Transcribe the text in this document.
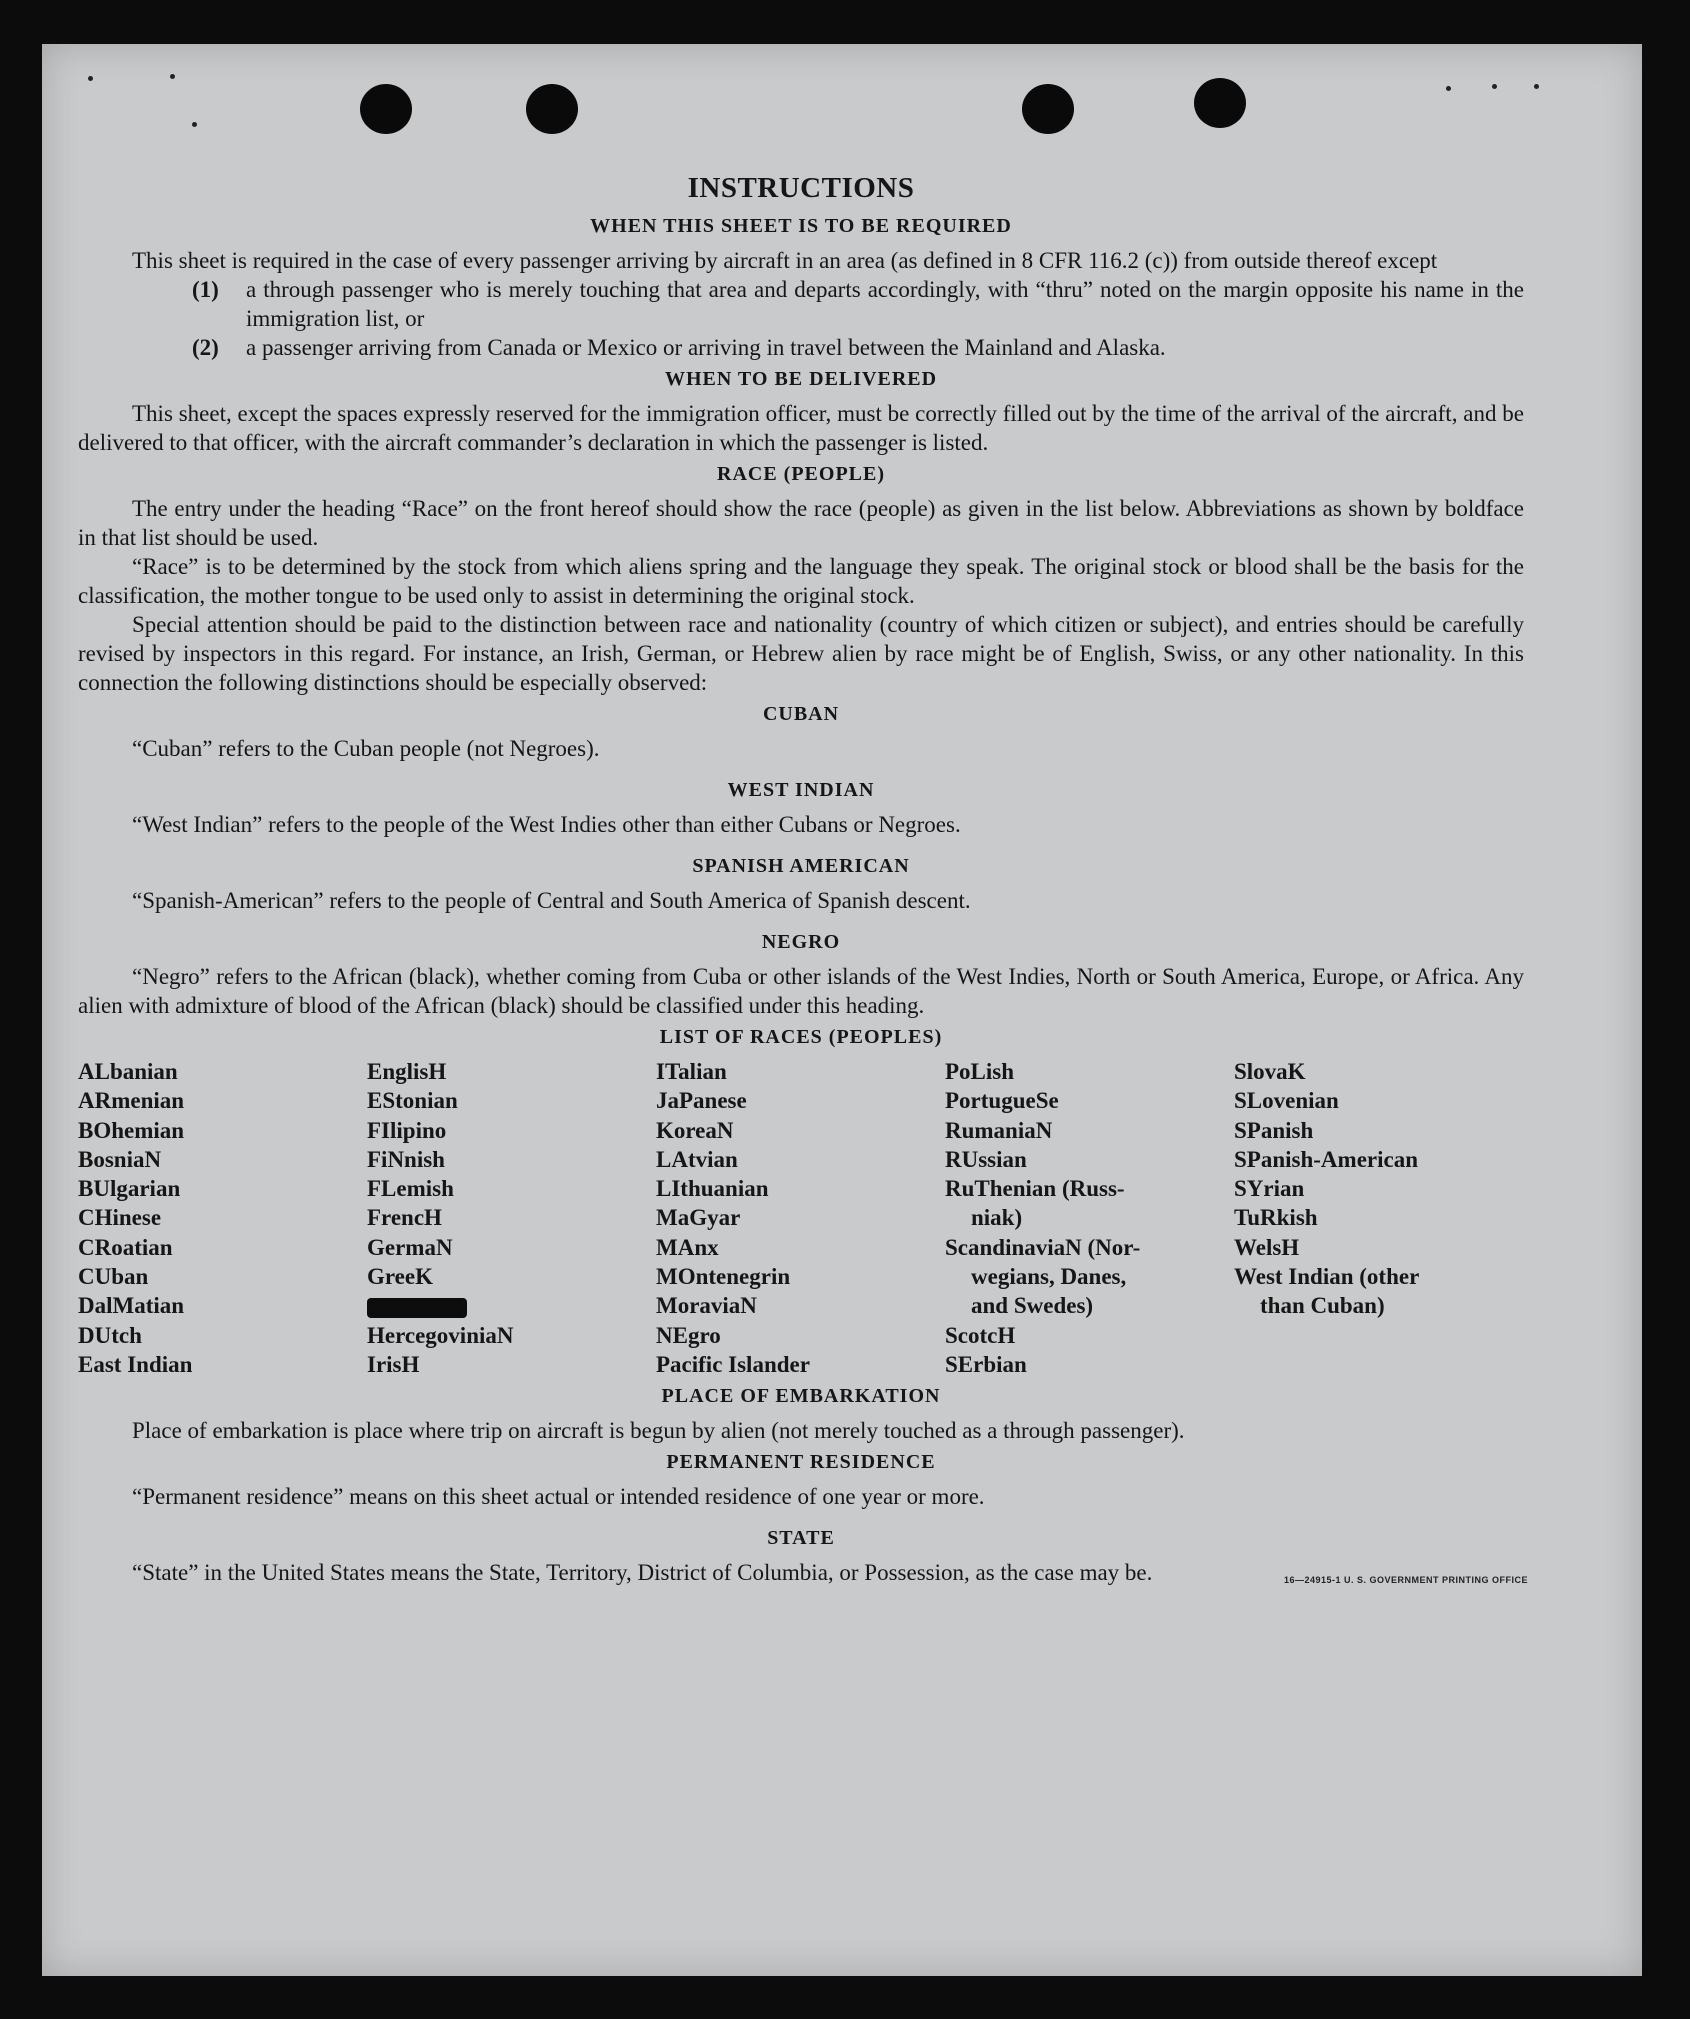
INSTRUCTIONS
WHEN THIS SHEET IS TO BE REQUIRED

This sheet is required in the case of every passenger arriving by aircraft in an area (as defined in 8 CFR 116.2 (c)) from outside thereof except

(1)	a through passenger who is merely touching that area and departs accordingly, with “thru” noted on the margin opposite his name in the immigration list, or
(2)	a passenger arriving from Canada or Mexico or arriving in travel between the Mainland and Alaska.
WHEN TO BE DELIVERED

This sheet, except the spaces expressly reserved for the immigration officer, must be correctly filled out by the time of the arrival of the aircraft, and be delivered to that officer, with the aircraft commander’s declaration in which the passenger is listed.

RACE (PEOPLE)

The entry under the heading “Race” on the front hereof should show the race (people) as given in the list below. Abbreviations as shown by boldface in that list should be used.

“Race” is to be determined by the stock from which aliens spring and the language they speak. The original stock or blood shall be the basis for the classification, the mother tongue to be used only to assist in determining the original stock.

Special attention should be paid to the distinction between race and nationality (country of which citizen or subject), and entries should be carefully revised by inspectors in this regard. For instance, an Irish, German, or Hebrew alien by race might be of English, Swiss, or any other nationality. In this connection the following distinctions should be especially observed:

CUBAN

“Cuban” refers to the Cuban people (not Negroes).

WEST INDIAN

“West Indian” refers to the people of the West Indies other than either Cubans or Negroes.

SPANISH AMERICAN

“Spanish-American” refers to the people of Central and South America of Spanish descent.

NEGRO

“Negro” refers to the African (black), whether coming from Cuba or other islands of the West Indies, North or South America, Europe, or Africa. Any alien with admixture of blood of the African (black) should be classified under this heading.

LIST OF RACES (PEOPLES)
ALbanian
ARmenian
BOhemian
BosniaN
BUlgarian
CHinese
CRoatian
CUban
DalMatian
DUtch
East Indian
EnglisH
EStonian
FIlipino
FiNnish
FLemish
FrencH
GermaN
GreeK
HercegoviniaN
IrisH
ITalian
JaPanese
KoreaN
LAtvian
LIthuanian
MaGyar
MAnx
MOntenegrin
MoraviaN
NEgro
Pacific Islander
PoLish
PortugueSe
RumaniaN
RUssian
RuThenian (Russ-
niak)
ScandinaviaN (Nor-
wegians, Danes,
and Swedes)
ScotcH
SErbian
SlovaK
SLovenian
SPanish
SPanish-American
SYrian
TuRkish
WelsH
West Indian (other
than Cuban)
PLACE OF EMBARKATION

Place of embarkation is place where trip on aircraft is begun by alien (not merely touched as a through passenger).

PERMANENT RESIDENCE

“Permanent residence” means on this sheet actual or intended residence of one year or more.

STATE

“State” in the United States means the State, Territory, District of Columbia, or Possession, as the case may be.	16—24915-1 U. S. GOVERNMENT PRINTING OFFICE
